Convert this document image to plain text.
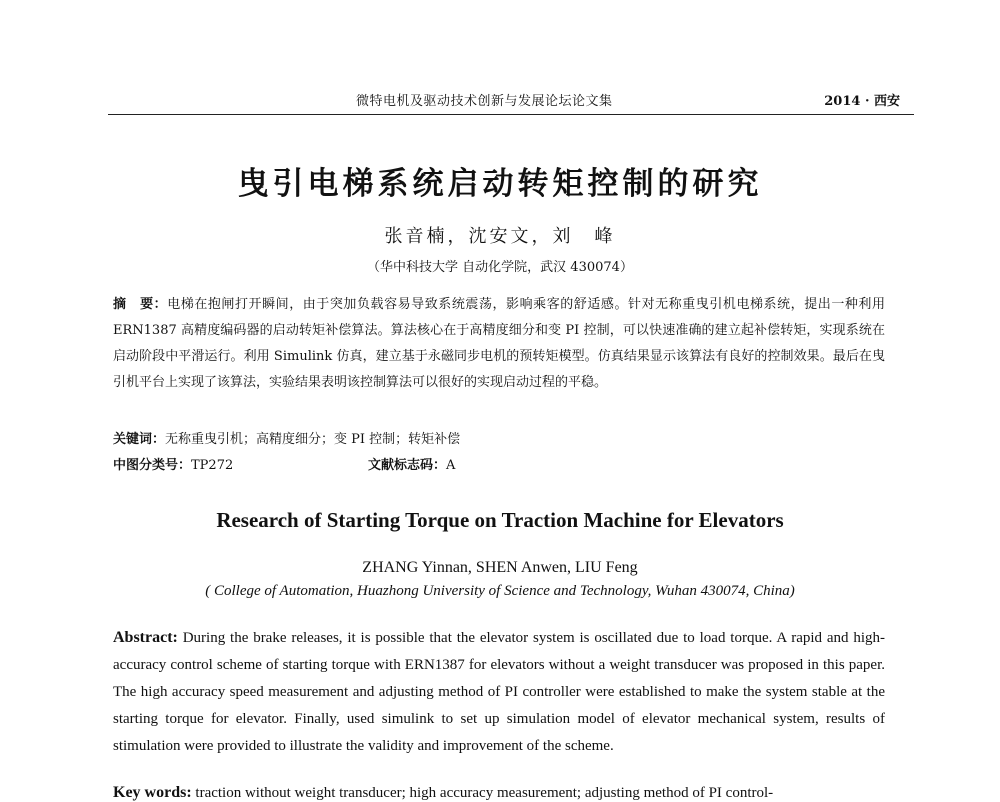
微特电机及驱动技术创新与发展论坛论文集	2014 · 西安
曳引电梯系统启动转矩控制的研究
张音楠，沈安文，刘　峰
（华中科技大学 自动化学院，武汉 430074）
摘　要：电梯在抱闸打开瞬间，由于突加负载容易导致系统震荡，影响乘客的舒适感。针对无称重曳引机电梯系统，提出一种利用 ERN1387 高精度编码器的启动转矩补偿算法。算法核心在于高精度细分和变 PI 控制，可以快速准确的建立起补偿转矩，实现系统在启动阶段中平滑运行。利用 Simulink 仿真，建立基于永磁同步电机的预转矩模型。仿真结果显示该算法有良好的控制效果。最后在曳引机平台上实现了该算法，实验结果表明该控制算法可以很好的实现启动过程的平稳。
关键词：无称重曳引机；高精度细分；变 PI 控制；转矩补偿
中图分类号：TP272	文献标志码：A
Research of Starting Torque on Traction Machine for Elevators
ZHANG Yinnan, SHEN Anwen, LIU Feng
( College of Automation, Huazhong University of Science and Technology, Wuhan 430074, China)
Abstract: During the brake releases, it is possible that the elevator system is oscillated due to load torque. A rapid and high-accuracy control scheme of starting torque with ERN1387 for elevators without a weight transducer was proposed in this paper. The high accuracy speed measurement and adjusting method of PI controller were established to make the system stable at the starting torque for elevator. Finally, used simulink to set up simulation model of elevator mechanical system, results of stimulation were provided to illustrate the validity and improvement of the scheme.
Key words: traction without weight transducer; high accuracy measurement; adjusting method of PI control-
